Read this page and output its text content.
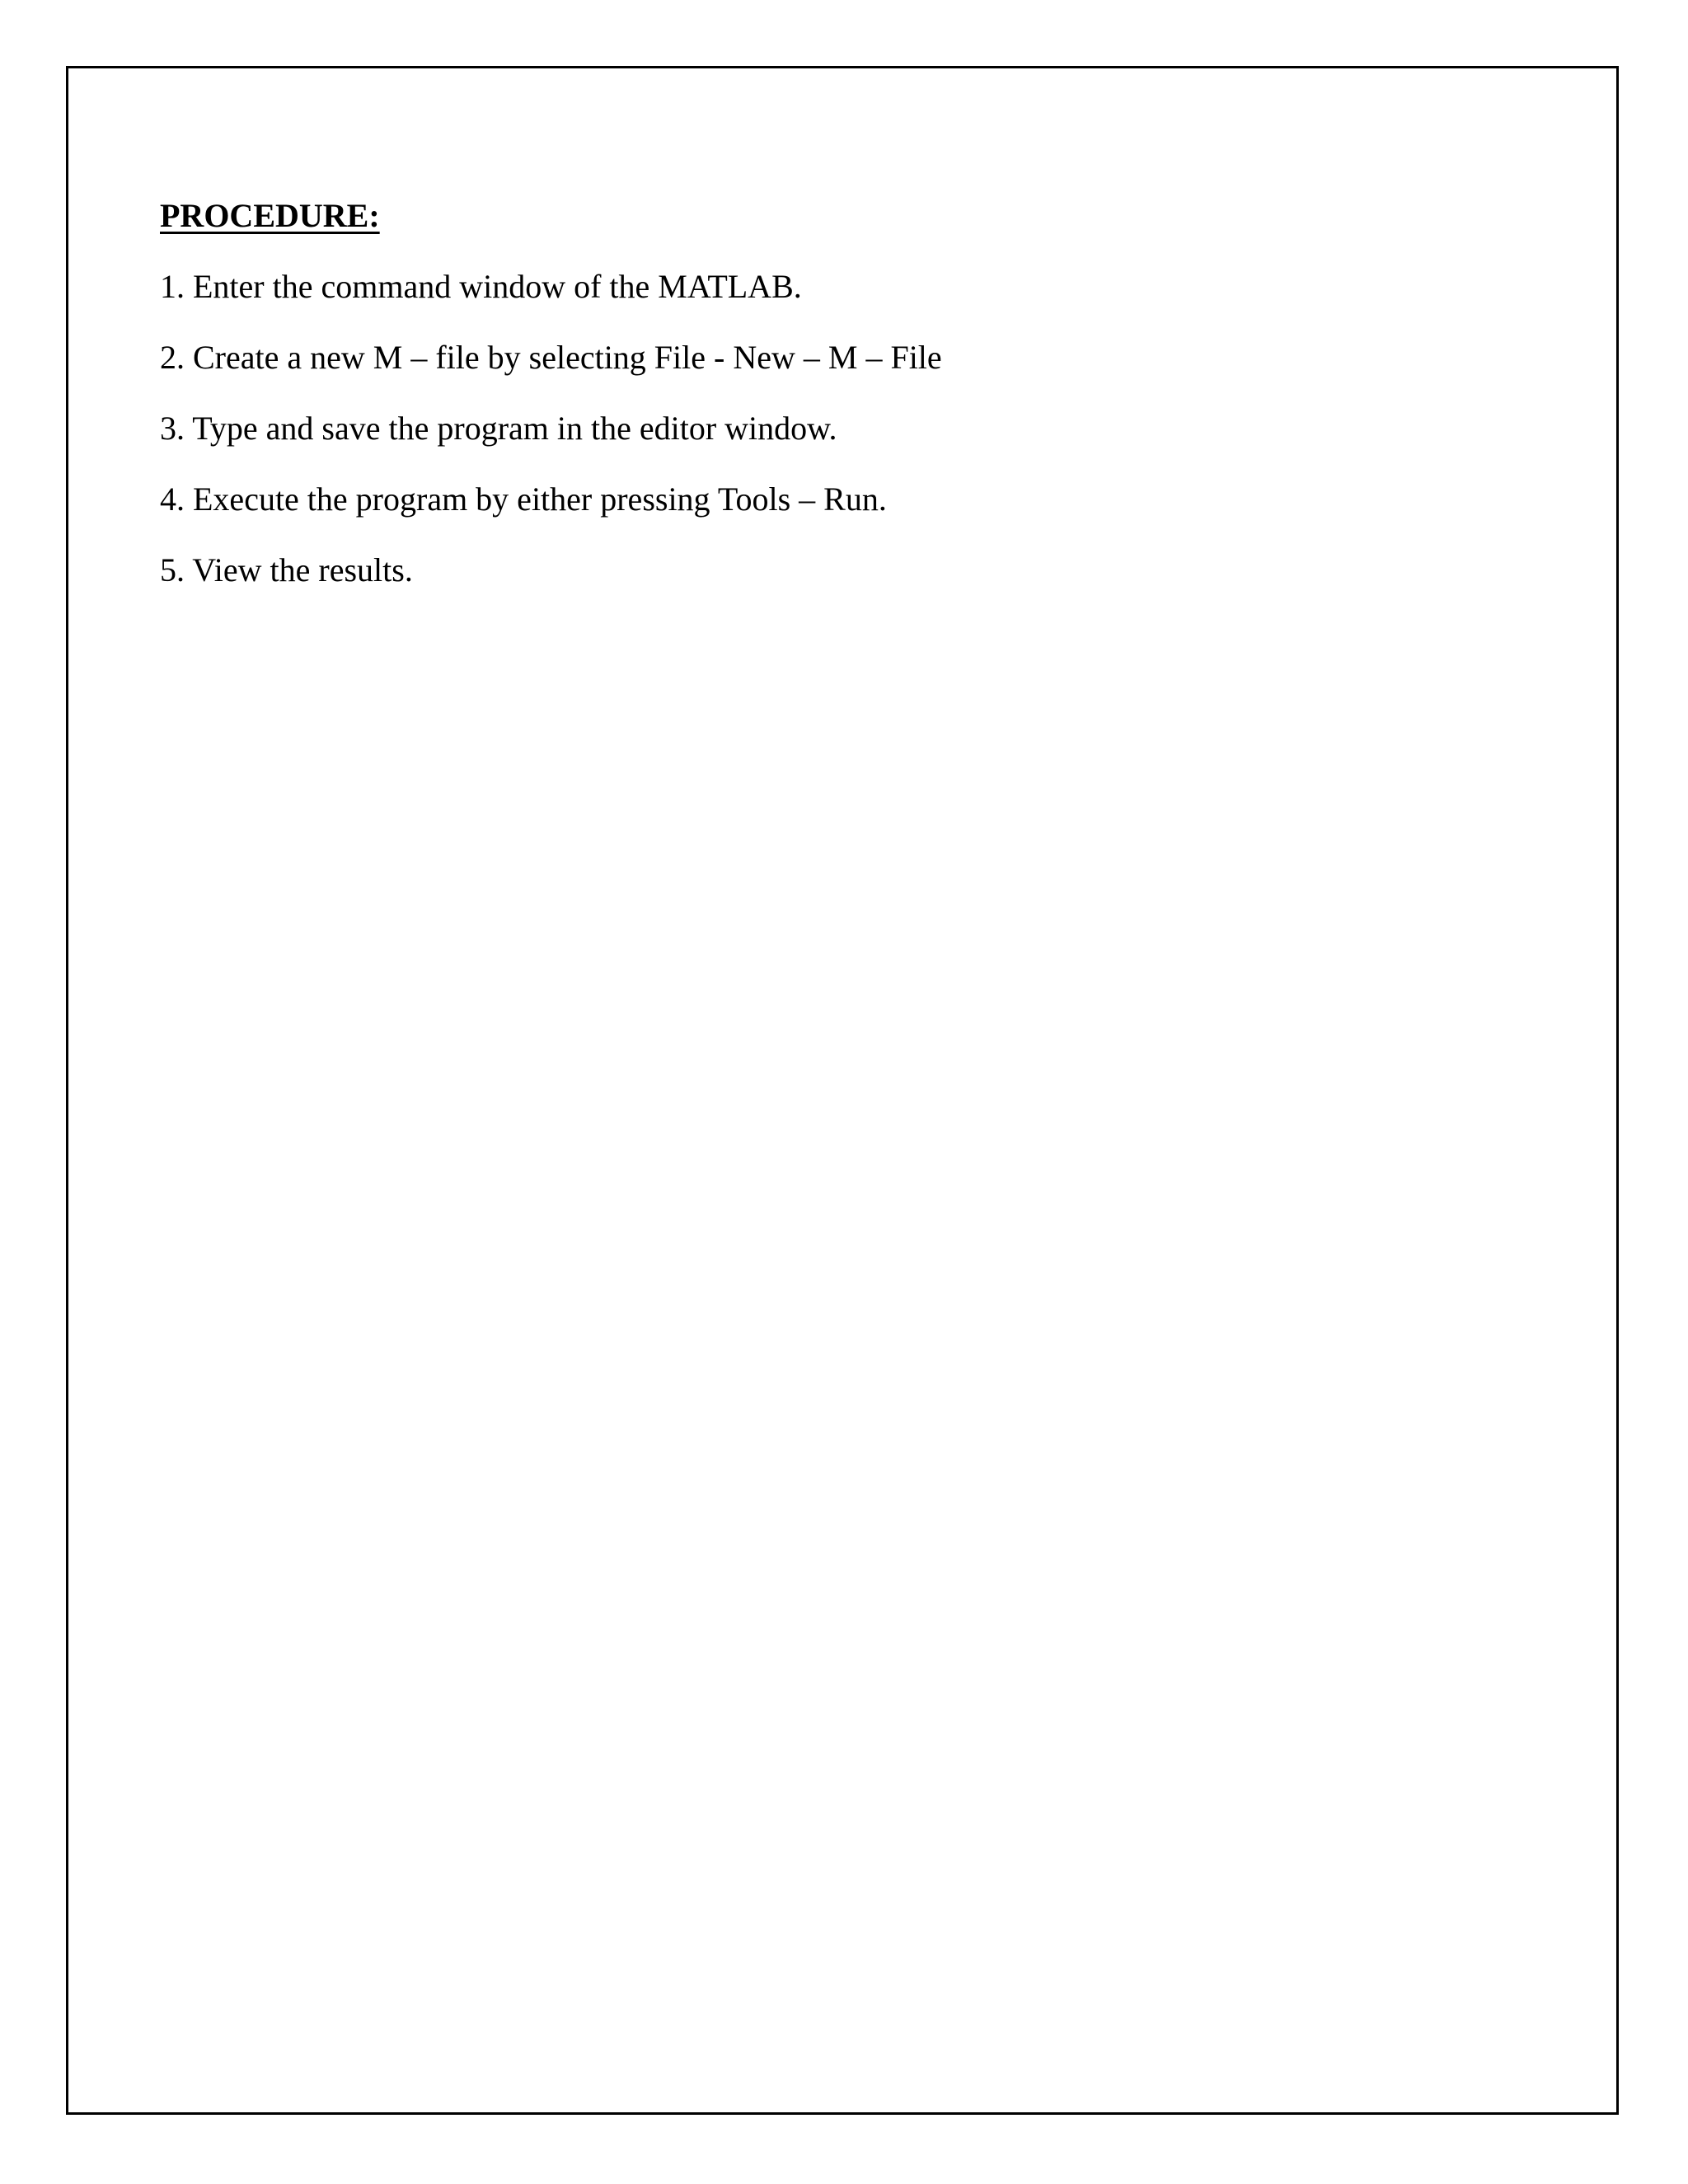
PROCEDURE:
1. Enter the command window of the MATLAB.
2. Create a new M – file by selecting File - New – M – File
3. Type and save the program in the editor window.
4. Execute the program by either pressing Tools – Run.
5. View the results.
